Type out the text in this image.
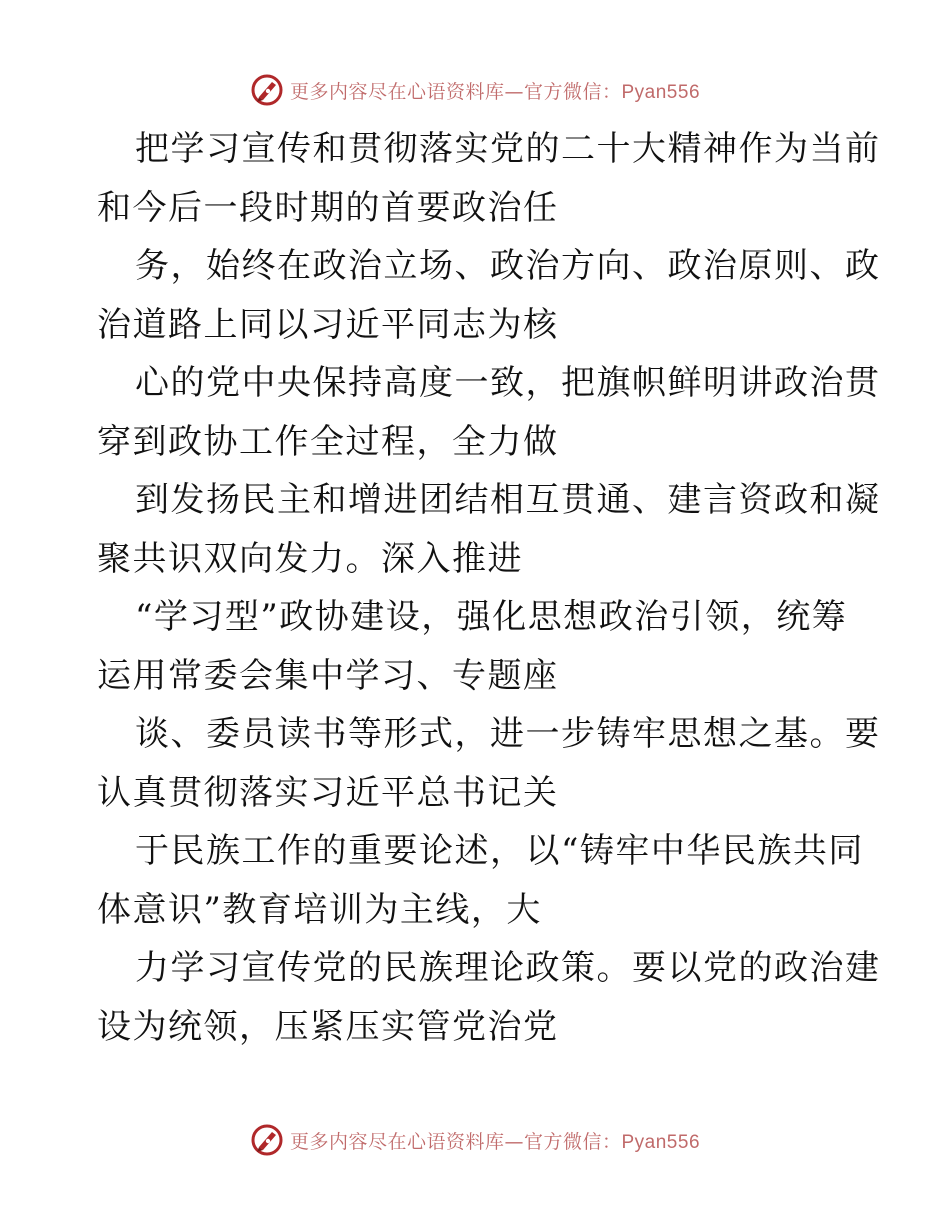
更多内容尽在心语资料库—官方微信：Pyan556
把学习宣传和贯彻落实党的二十大精神作为当前
和今后一段时期的首要政治任
务，始终在政治立场、政治方向、政治原则、政
治道路上同以习近平同志为核
心的党中央保持高度一致，把旗帜鲜明讲政治贯
穿到政协工作全过程，全力做
到发扬民主和增进团结相互贯通、建言资政和凝
聚共识双向发力。深入推进
“学习型”政协建设，强化思想政治引领，统筹
运用常委会集中学习、专题座
谈、委员读书等形式，进一步铸牢思想之基。要
认真贯彻落实习近平总书记关
于民族工作的重要论述，以“铸牢中华民族共同
体意识”教育培训为主线，大
力学习宣传党的民族理论政策。要以党的政治建
设为统领，压紧压实管党治党
更多内容尽在心语资料库—官方微信：Pyan556
